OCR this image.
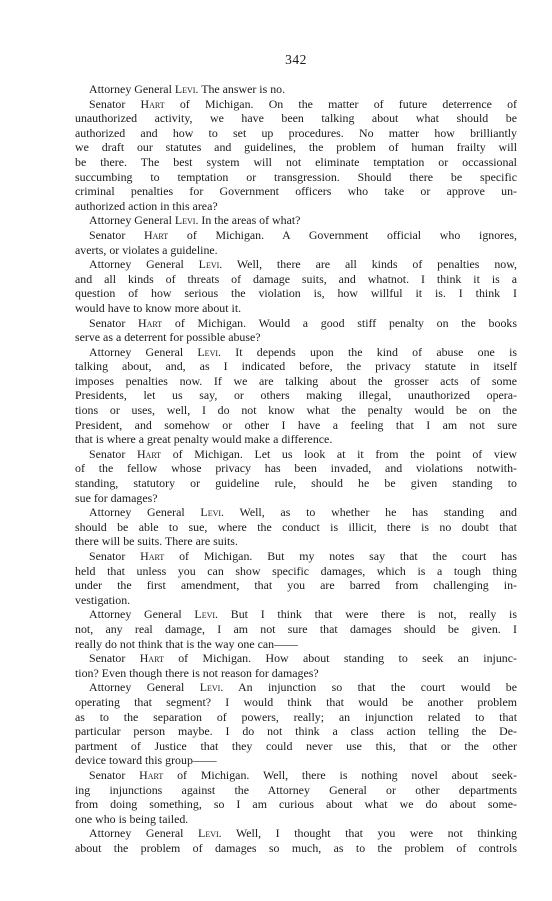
342
Attorney General Levi. The answer is no.
Senator Hart of Michigan. On the matter of future deterrence of
unauthorized activity, we have been talking about what should be
authorized and how to set up procedures. No matter how brilliantly
we draft our statutes and guidelines, the problem of human frailty will
be there. The best system will not eliminate temptation or occassional
succumbing to temptation or transgression. Should there be specific
criminal penalties for Government officers who take or approve un-
authorized action in this area?
Attorney General Levi. In the areas of what?
Senator Hart of Michigan. A Government official who ignores,
averts, or violates a guideline.
Attorney General Levi. Well, there are all kinds of penalties now,
and all kinds of threats of damage suits, and whatnot. I think it is a
question of how serious the violation is, how willful it is. I think I
would have to know more about it.
Senator Hart of Michigan. Would a good stiff penalty on the books
serve as a deterrent for possible abuse?
Attorney General Levi. It depends upon the kind of abuse one is
talking about, and, as I indicated before, the privacy statute in itself
imposes penalties now. If we are talking about the grosser acts of some
Presidents, let us say, or others making illegal, unauthorized opera-
tions or uses, well, I do not know what the penalty would be on the
President, and somehow or other I have a feeling that I am not sure
that is where a great penalty would make a difference.
Senator Hart of Michigan. Let us look at it from the point of view
of the fellow whose privacy has been invaded, and violations notwith-
standing, statutory or guideline rule, should he be given standing to
sue for damages?
Attorney General Levi. Well, as to whether he has standing and
should be able to sue, where the conduct is illicit, there is no doubt that
there will be suits. There are suits.
Senator Hart of Michigan. But my notes say that the court has
held that unless you can show specific damages, which is a tough thing
under the first amendment, that you are barred from challenging in-
vestigation.
Attorney General Levi. But I think that were there is not, really is
not, any real damage, I am not sure that damages should be given. I
really do not think that is the way one can——
Senator Hart of Michigan. How about standing to seek an injunc-
tion? Even though there is not reason for damages?
Attorney General Levi. An injunction so that the court would be
operating that segment? I would think that would be another problem
as to the separation of powers, really; an injunction related to that
particular person maybe. I do not think a class action telling the De-
partment of Justice that they could never use this, that or the other
device toward this group——
Senator Hart of Michigan. Well, there is nothing novel about seek-
ing injunctions against the Attorney General or other departments
from doing something, so I am curious about what we do about some-
one who is being tailed.
Attorney General Levi. Well, I thought that you were not thinking
about the problem of damages so much, as to the problem of controls
